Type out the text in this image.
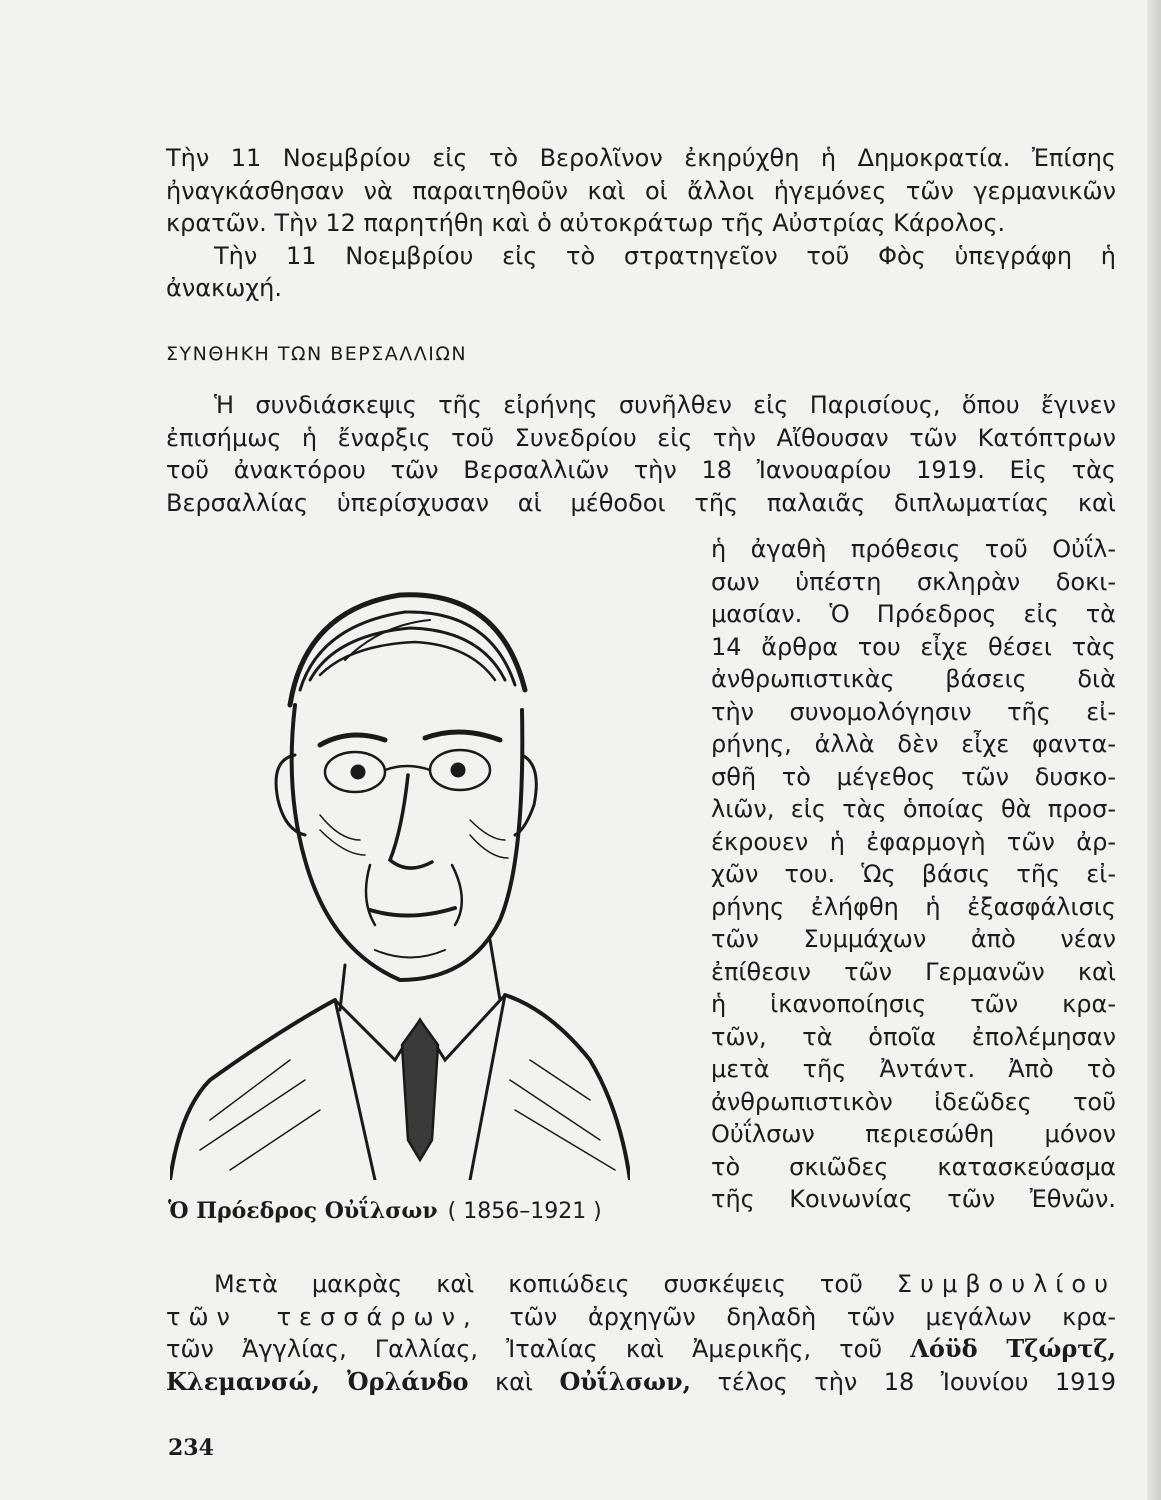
Τὴν 11 Νοεμβρίου εἰς τὸ Βερολῖνον ἐκηρύχθη ἡ Δημοκρατία. Ἐπίσης
ἠναγκάσθησαν νὰ παραιτηθοῦν καὶ οἱ ἄλλοι ἡγεμόνες τῶν γερμανικῶν
κρατῶν. Τὴν 12 παρητήθη καὶ ὁ αὐτοκράτωρ τῆς Αὐστρίας Κάρολος.
Τὴν 11 Νοεμβρίου εἰς τὸ στρατηγεῖον τοῦ Φὸς ὑπεγράφη ἡ
ἀνακωχή.
ΣΥΝΘΗΚΗ ΤΩΝ ΒΕΡΣΑΛΛΙΩΝ
Ἡ συνδιάσκεψις τῆς εἰρήνης συνῆλθεν εἰς Παρισίους, ὅπου ἔγινεν
ἐπισήμως ἡ ἔναρξις τοῦ Συνεδρίου εἰς τὴν Αἴθουσαν τῶν Κατόπτρων
τοῦ ἀνακτόρου τῶν Βερσαλλιῶν τὴν 18 Ἰανουαρίου 1919. Εἰς τὰς
Βερσαλλίας ὑπερίσχυσαν αἱ μέθοδοι τῆς παλαιᾶς διπλωματίας καὶ
Ὁ Πρόεδρος Οὐΐλσων ( 1856–1921 )
ἡ ἀγαθὴ πρόθεσις τοῦ Οὐΐλ-
σων ὑπέστη σκληρὰν δοκι-
μασίαν. Ὁ Πρόεδρος εἰς τὰ
14 ἄρθρα του εἶχε θέσει τὰς
ἀνθρωπιστικὰς βάσεις διὰ
τὴν συνομολόγησιν τῆς εἰ-
ρήνης, ἀλλὰ δὲν εἶχε φαντα-
σθῆ τὸ μέγεθος τῶν δυσκο-
λιῶν, εἰς τὰς ὁποίας θὰ προσ-
έκρουεν ἡ ἐφαρμογὴ τῶν ἀρ-
χῶν του. Ὡς βάσις τῆς εἰ-
ρήνης ἐλήφθη ἡ ἐξασφάλισις
τῶν Συμμάχων ἀπὸ νέαν
ἐπίθεσιν τῶν Γερμανῶν καὶ
ἡ ἱκανοποίησις τῶν κρα-
τῶν, τὰ ὁποῖα ἐπολέμησαν
μετὰ τῆς Ἀντάντ. Ἀπὸ τὸ
ἀνθρωπιστικὸν ἰδεῶδες τοῦ
Οὐΐλσων περιεσώθη μόνον
τὸ σκιῶδες κατασκεύασμα
τῆς Κοινωνίας τῶν Ἐθνῶν.
Μετὰ μακρὰς καὶ κοπιώδεις συσκέψεις τοῦ Συμβουλίου
τῶν τεσσάρων, τῶν ἀρχηγῶν δηλαδὴ τῶν μεγάλων κρα-
τῶν Ἀγγλίας, Γαλλίας, Ἰταλίας καὶ Ἀμερικῆς, τοῦ Λόϋδ Τζώρτζ,
Κλεμανσώ, Ὀρλάνδο καὶ Οὐΐλσων, τέλος τὴν 18 Ἰουνίου 1919
234
